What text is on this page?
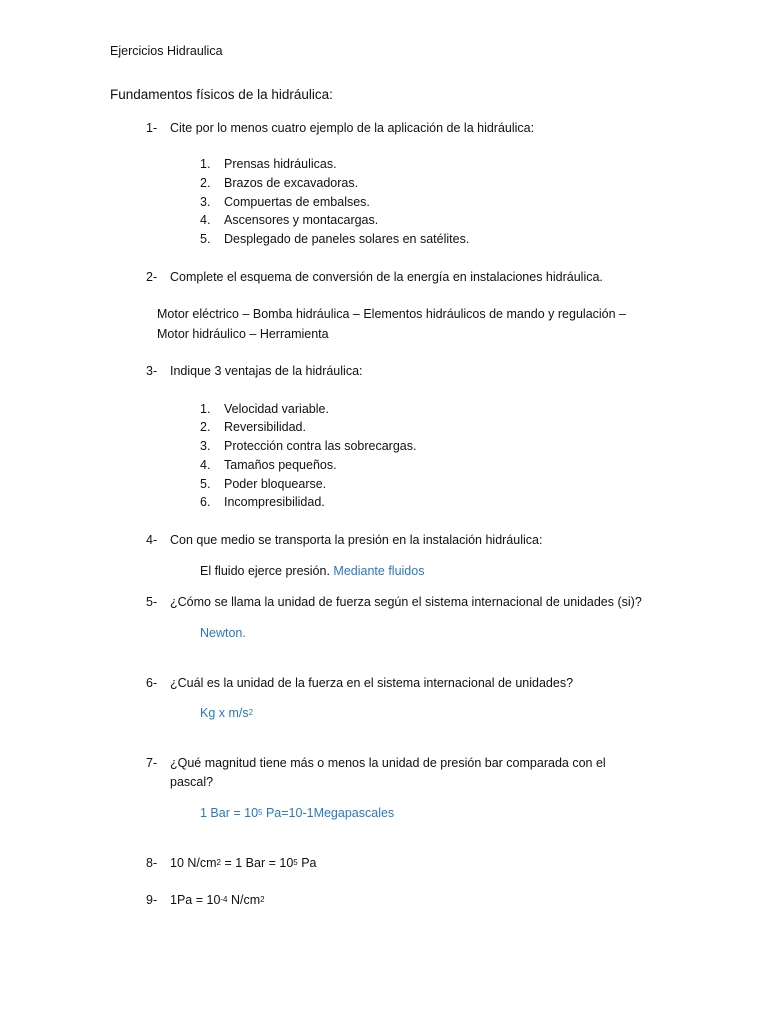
Ejercicios Hidraulica
Fundamentos físicos de la hidráulica:
1- Cite por lo menos cuatro ejemplo de la aplicación de la hidráulica:
1. Prensas hidráulicas.
2. Brazos de excavadoras.
3. Compuertas de embalses.
4. Ascensores y montacargas.
5. Desplegado de paneles solares en satélites.
2- Complete el esquema de conversión de la energía en instalaciones hidráulica.
Motor eléctrico – Bomba hidráulica – Elementos hidráulicos de mando y regulación –
Motor hidráulico – Herramienta
3- Indique 3 ventajas de la hidráulica:
1. Velocidad variable.
2. Reversibilidad.
3. Protección contra las sobrecargas.
4. Tamaños pequeños.
5. Poder bloquearse.
6. Incompresibilidad.
4- Con que medio se transporta la presión en la instalación hidráulica:
El fluido ejerce presión. Mediante fluidos
5- ¿Cómo se llama la unidad de fuerza según el sistema internacional de unidades (si)?
Newton.
6- ¿Cuál es la unidad de la fuerza en el sistema internacional de unidades?
Kg x $m/s^2$
7- ¿Qué magnitud tiene más o menos la unidad de presión bar comparada con el
pascal?
1 Bar = $10^5$ Pa=10-1Megapascales
8- 10 $N/cm^2 = 1$ Bar = $10^5$ Pa
9- $1Pa = 10^{-4}$ $N/cm^2$
